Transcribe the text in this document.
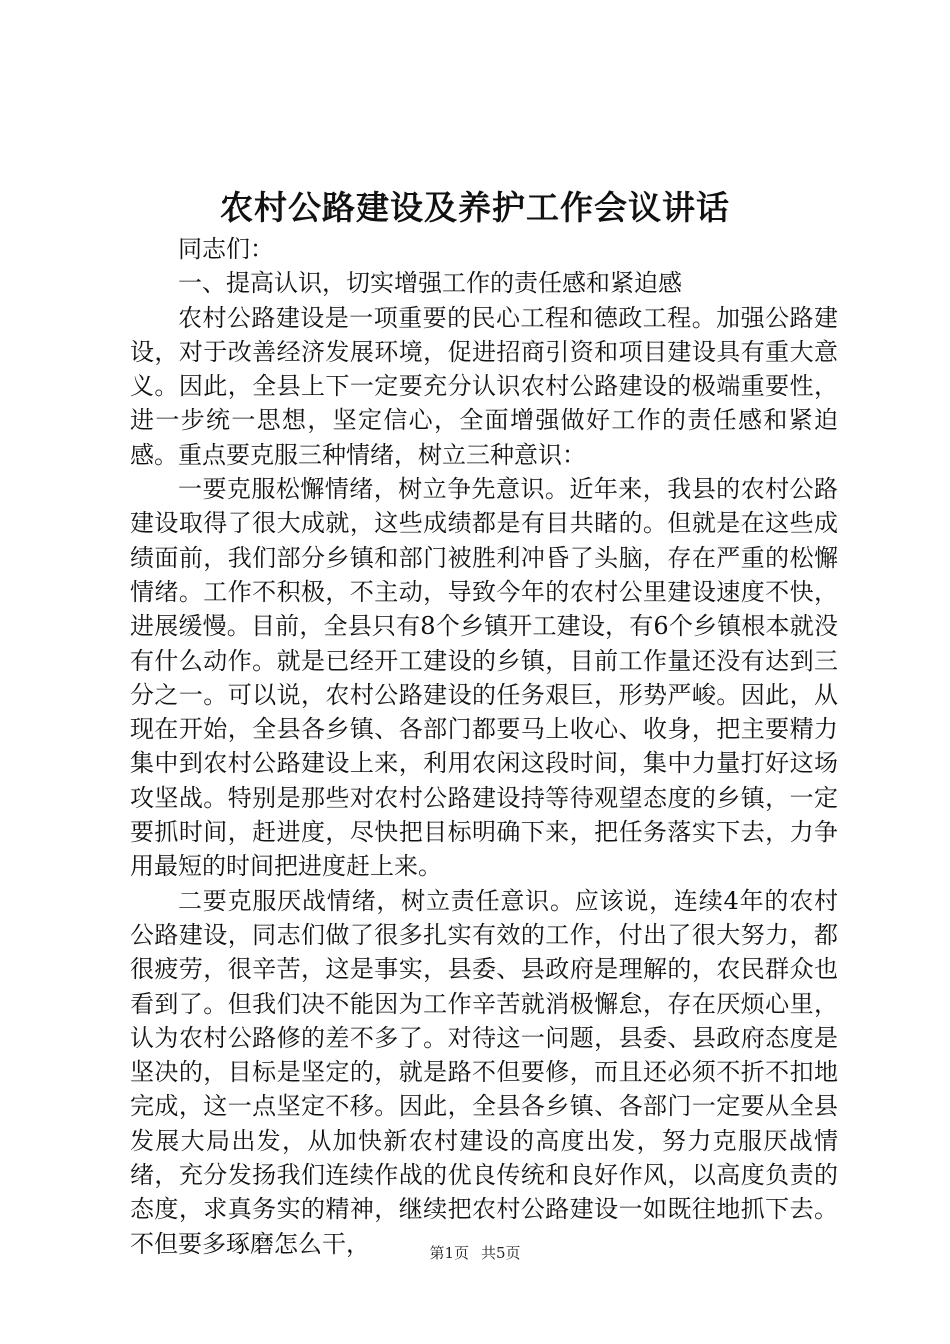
农村公路建设及养护工作会议讲话

同志们：

一、提高认识，切实增强工作的责任感和紧迫感

农村公路建设是一项重要的民心工程和德政工程。加强公路建设，对于改善经济发展环境，促进招商引资和项目建设具有重大意义。因此，全县上下一定要充分认识农村公路建设的极端重要性，进一步统一思想，坚定信心，全面增强做好工作的责任感和紧迫感。重点要克服三种情绪，树立三种意识：

一要克服松懈情绪，树立争先意识。近年来，我县的农村公路建设取得了很大成就，这些成绩都是有目共睹的。但就是在这些成绩面前，我们部分乡镇和部门被胜利冲昏了头脑，存在严重的松懈情绪。工作不积极，不主动，导致今年的农村公里建设速度不快，进展缓慢。目前，全县只有8个乡镇开工建设，有6个乡镇根本就没有什么动作。就是已经开工建设的乡镇，目前工作量还没有达到三分之一。可以说，农村公路建设的任务艰巨，形势严峻。因此，从现在开始，全县各乡镇、各部门都要马上收心、收身，把主要精力集中到农村公路建设上来，利用农闲这段时间，集中力量打好这场攻坚战。特别是那些对农村公路建设持等待观望态度的乡镇，一定要抓时间，赶进度，尽快把目标明确下来，把任务落实下去，力争用最短的时间把进度赶上来。

二要克服厌战情绪，树立责任意识。应该说，连续4年的农村公路建设，同志们做了很多扎实有效的工作，付出了很大努力，都很疲劳，很辛苦，这是事实，县委、县政府是理解的，农民群众也看到了。但我们决不能因为工作辛苦就消极懈怠，存在厌烦心里，认为农村公路修的差不多了。对待这一问题，县委、县政府态度是坚决的，目标是坚定的，就是路不但要修，而且还必须不折不扣地完成，这一点坚定不移。因此，全县各乡镇、各部门一定要从全县发展大局出发，从加快新农村建设的高度出发，努力克服厌战情绪，充分发扬我们连续作战的优良传统和良好作风，以高度负责的态度，求真务实的精神，继续把农村公路建设一如既往地抓下去。不但要多琢磨怎么干，	第1页 共5页
